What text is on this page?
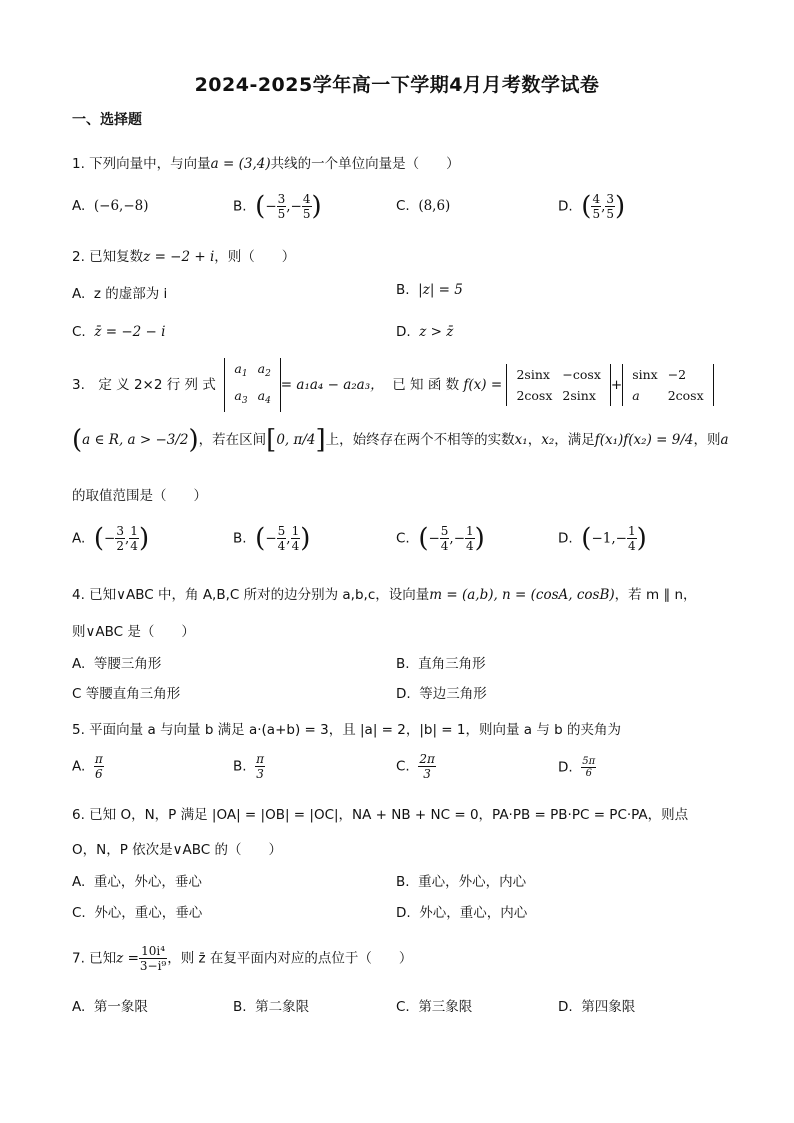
2024-2025学年高一下学期4月月考数学试卷
一、选择题
1. 下列向量中，与向量a = (3,4)共线的一个单位向量是（　　）
A. (−6,−8)	B. (− $\frac{3}{5}$ ,− $\frac{4}{5}$ )	C. (8,6)	D. ( $\frac{4}{5}$ , $\frac{3}{5}$ )
2. 已知复数z = −2 + i，则（　　）
A. z 的虚部为 i	B. |z| = 5
C. z̄ = −2 − i	D. z > z̄
3.　定 义 2×2 行 列 式
$a_1$	$a_2$
$a_3$	$a_4$
= a₁a₄ − a₂a₃， 已 知 函 数 f(x) =
2sinx	−cosx
2cosx	2sinx
+
sinx	−2
a	2cosx
(a ∈ R, a > −3/2)，若在区间[0, π/4]上，始终存在两个不相等的实数x₁，x₂，满足f(x₁)f(x₂) = 9/4，则a
的取值范围是（　　）
A. (− $\frac{3}{2}$ , $\frac{1}{4}$ )	B. (− $\frac{5}{4}$ , $\frac{1}{4}$ )	C. (− $\frac{5}{4}$ ,− $\frac{1}{4}$ )	D. ($-1,- \frac{1}{4}$ )
4. 已知∨ABC 中，角 A,B,C 所对的边分别为 a,b,c，设向量m = (a,b), n = (cosA, cosB)，若 m ∥ n，
则∨ABC 是（　　）
A. 等腰三角形	B. 直角三角形
C 等腰直角三角形	D. 等边三角形
5. 平面向量 a 与向量 b 满足 a·(a+b) = 3，且 |a| = 2，|b| = 1，则向量 a 与 b 的夹角为
A. $\frac{\pi}{6}$	B. $\frac{\pi}{3}$	C. $\frac{2\pi}{3}$	D. $\frac{5\pi}{6}$
6. 已知 O，N，P 满足 |OA| = |OB| = |OC|，NA + NB + NC = 0，PA·PB = PB·PC = PC·PA，则点
O，N，P 依次是∨ABC 的（　　）
A. 重心，外心，垂心	B. 重心，外心，内心
C. 外心，重心，垂心	D. 外心，重心，内心
7. 已知$z = \frac{\text{10i⁴}}{\text{3−i⁹}}$ ，则 z̄ 在复平面内对应的点位于（　　）
A. 第一象限	B. 第二象限	C. 第三象限	D. 第四象限
